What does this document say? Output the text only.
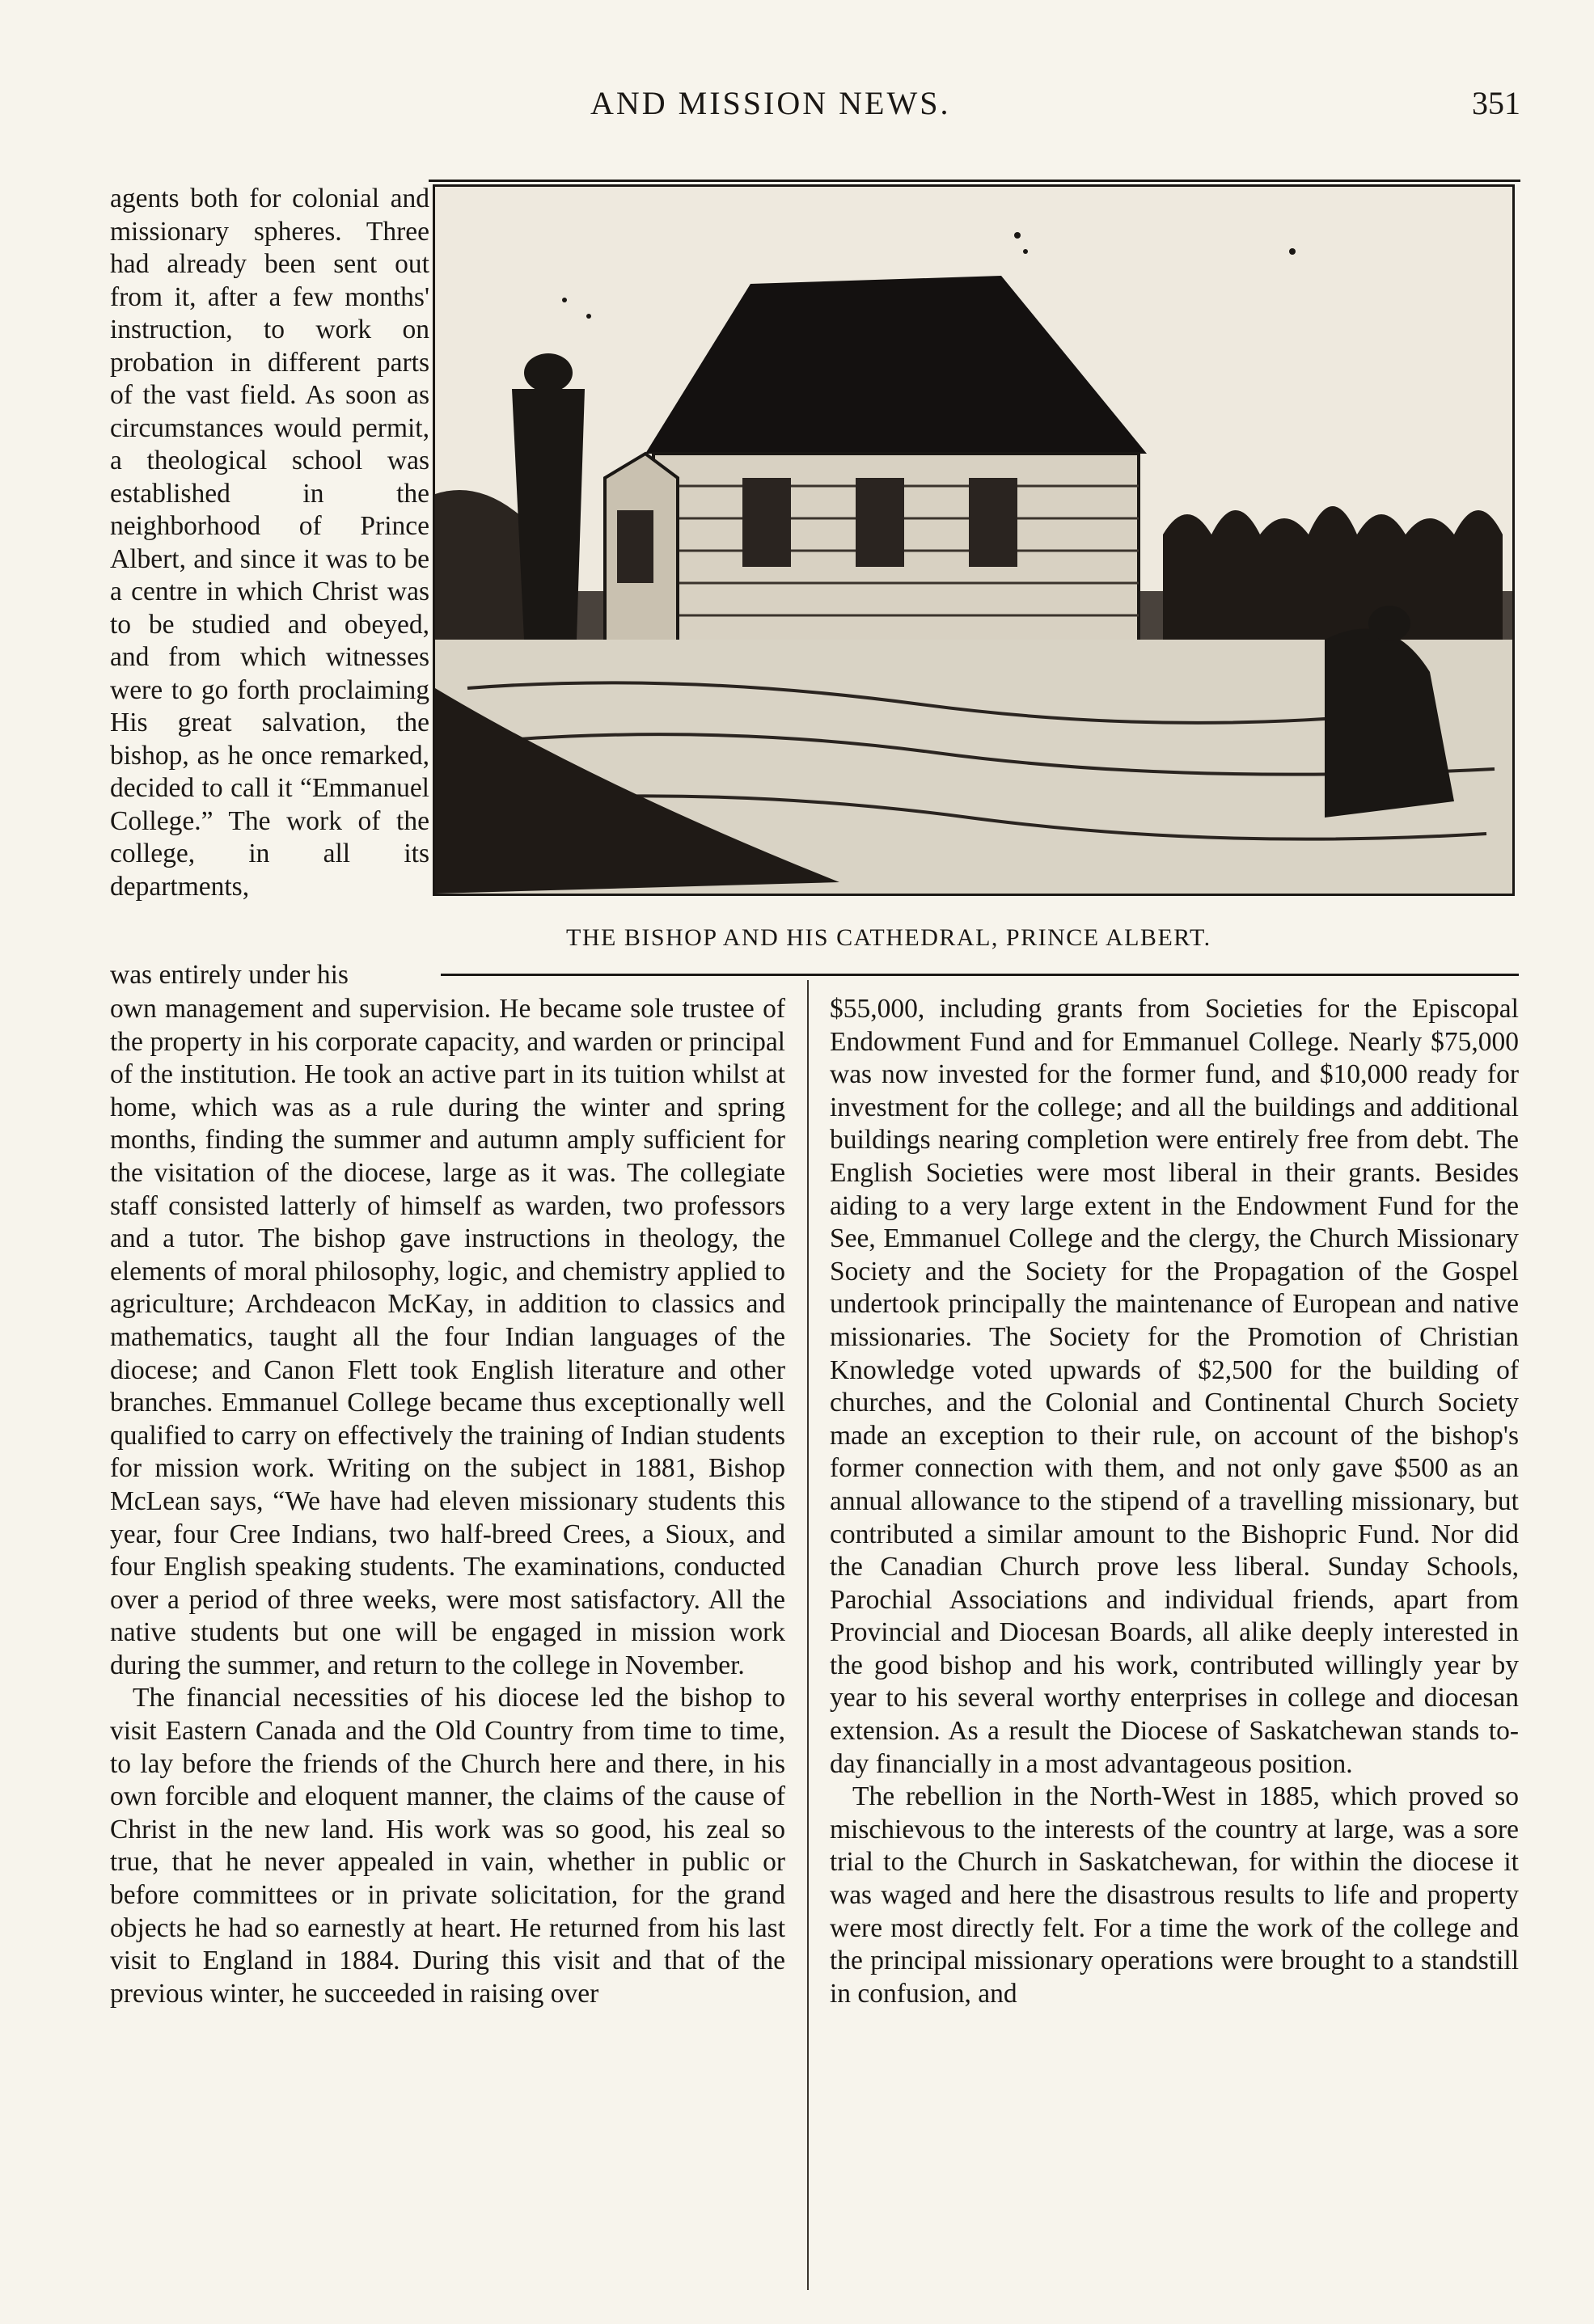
AND MISSION NEWS.	351
THE BISHOP AND HIS CATHEDRAL, PRINCE ALBERT.

agents both for colonial and missionary spheres. Three had already been sent out from it, after a few months' instruction, to work on probation in different parts of the vast field. As soon as circumstances would permit, a theological school was established in the neighborhood of Prince Albert, and since it was to be a centre in which Christ was to be studied and obeyed, and from which witnesses were to go forth proclaiming His great salvation, the bishop, as he once remarked, decided to call it “Emmanuel College.” The work of the college, in all its departments,

was entirely under his

own management and supervision. He became sole trustee of the property in his corporate capacity, and warden or principal of the institution. He took an active part in its tuition whilst at home, which was as a rule during the winter and spring months, finding the summer and autumn amply sufficient for the visitation of the diocese, large as it was. The collegiate staff consisted latterly of himself as warden, two professors and a tutor. The bishop gave instructions in theology, the elements of moral philosophy, logic, and chemistry applied to agriculture; Archdeacon McKay, in addition to classics and mathematics, taught all the four Indian languages of the diocese; and Canon Flett took English literature and other branches. Emmanuel College became thus exceptionally well qualified to carry on effectively the training of Indian students for mission work. Writing on the subject in 1881, Bishop McLean says, “We have had eleven missionary students this year, four Cree Indians, two half-breed Crees, a Sioux, and four English speaking students. The examinations, conducted over a period of three weeks, were most satisfactory. All the native students but one will be engaged in mission work during the summer, and return to the college in November.

The financial necessities of his diocese led the bishop to visit Eastern Canada and the Old Country from time to time, to lay before the friends of the Church here and there, in his own forcible and eloquent manner, the claims of the cause of Christ in the new land. His work was so good, his zeal so true, that he never appealed in vain, whether in public or before committees or in private solicitation, for the grand objects he had so earnestly at heart. He returned from his last visit to England in 1884. During this visit and that of the previous winter, he succeeded in raising over

$55,000, including grants from Societies for the Episcopal Endowment Fund and for Emmanuel College. Nearly $75,000 was now invested for the former fund, and $10,000 ready for investment for the college; and all the buildings and additional buildings nearing completion were entirely free from debt. The English Societies were most liberal in their grants. Besides aiding to a very large extent in the Endowment Fund for the See, Emmanuel College and the clergy, the Church Missionary Society and the Society for the Propagation of the Gospel undertook principally the maintenance of European and native missionaries. The Society for the Promotion of Christian Knowledge voted upwards of $2,500 for the building of churches, and the Colonial and Continental Church Society made an exception to their rule, on account of the bishop's former connection with them, and not only gave $500 as an annual allowance to the stipend of a travelling missionary, but contributed a similar amount to the Bishopric Fund. Nor did the Canadian Church prove less liberal. Sunday Schools, Parochial Associations and individual friends, apart from Provincial and Diocesan Boards, all alike deeply interested in the good bishop and his work, contributed willingly year by year to his several worthy enterprises in college and diocesan extension. As a result the Diocese of Saskatchewan stands to-day financially in a most advantageous position.

The rebellion in the North-West in 1885, which proved so mischievous to the interests of the country at large, was a sore trial to the Church in Saskatchewan, for within the diocese it was waged and here the disastrous results to life and property were most directly felt. For a time the work of the college and the principal missionary operations were brought to a standstill in confusion, and
